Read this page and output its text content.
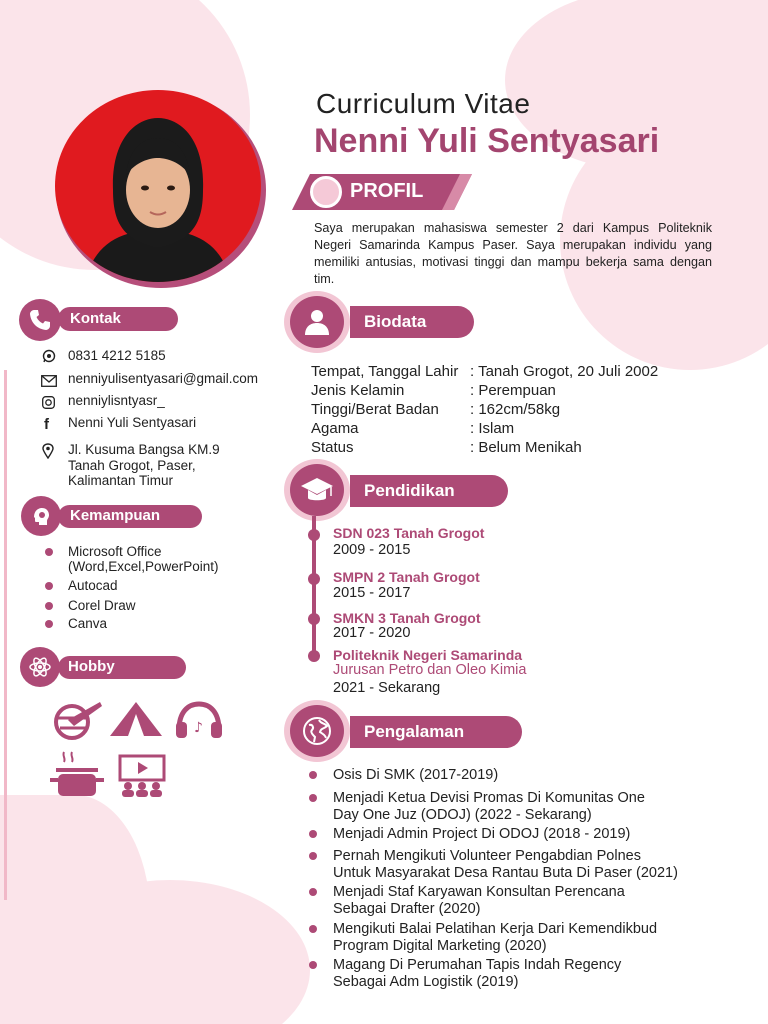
Curriculum Vitae
Nenni Yuli Sentyasari
PROFIL
Saya merupakan mahasiswa semester 2 dari Kampus Politeknik Negeri Samarinda Kampus Paser. Saya merupakan individu yang memiliki antusias, motivasi tinggi dan mampu bekerja sama dengan tim.
Kontak
0831 4212 5185
nenniyulisentyasari@gmail.com
nenniylisntyasr_
f Nenni Yuli Sentyasari
Jl. Kusuma Bangsa KM.9
Tanah Grogot, Paser,
Kalimantan Timur
Kemampuan
Microsoft Office
(Word,Excel,PowerPoint)
Autocad
Corel Draw
Canva
Hobby
♪
Biodata
Tempat, Tanggal Lahir : Tanah Grogot, 20 Juli 2002
Jenis Kelamin	: Perempuan
Tinggi/Berat Badan : 162cm/58kg
Agama	: Islam
Status	: Belum Menikah
Pendidikan
SDN 023 Tanah Grogot
2009 - 2015
SMPN 2 Tanah Grogot
2015 - 2017
SMKN 3 Tanah Grogot
2017 - 2020
Politeknik Negeri Samarinda
Jurusan Petro dan Oleo Kimia
2021 - Sekarang
Pengalaman
Osis Di SMK (2017-2019)
Menjadi Ketua Devisi Promas Di Komunitas One
Day One Juz (ODOJ) (2022 - Sekarang)
Menjadi Admin Project Di ODOJ (2018 - 2019)
Pernah Mengikuti Volunteer Pengabdian Polnes
Untuk Masyarakat Desa Rantau Buta Di Paser (2021)
Menjadi Staf Karyawan Konsultan Perencana
Sebagai Drafter (2020)
Mengikuti Balai Pelatihan Kerja Dari Kemendikbud
Program Digital Marketing (2020)
Magang Di Perumahan Tapis Indah Regency
Sebagai Adm Logistik (2019)
